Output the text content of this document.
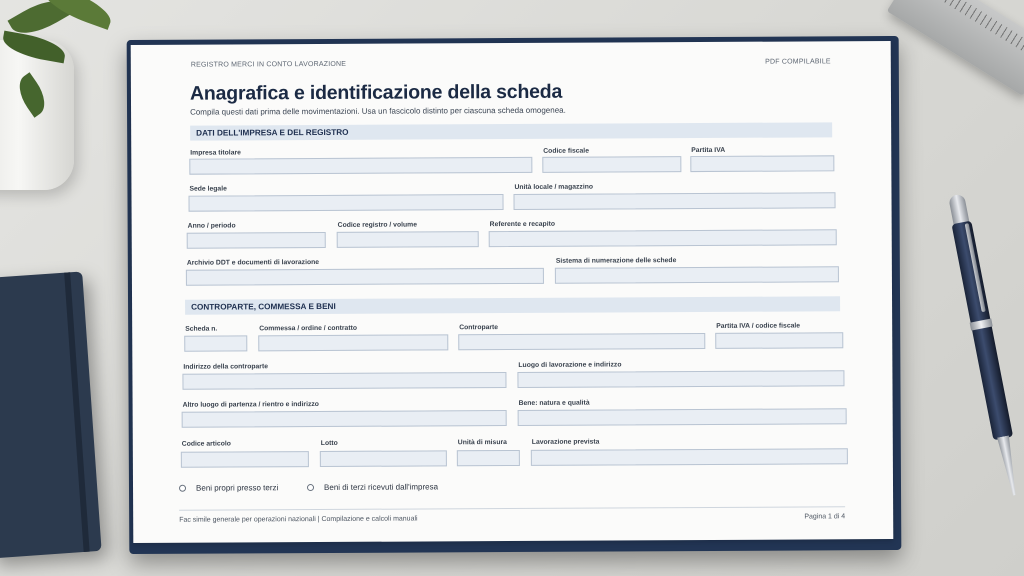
REGISTRO MERCI IN CONTO LAVORAZIONE	PDF COMPILABILE
Anagrafica e identificazione della scheda
Compila questi dati prima delle movimentazioni. Usa un fascicolo distinto per ciascuna scheda omogenea.
DATI DELL'IMPRESA E DEL REGISTRO
Impresa titolare	Codice fiscale	Partita IVA
Sede legale	Unità locale / magazzino
Anno / periodo	Codice registro / volume	Referente e recapito
Archivio DDT e documenti di lavorazione	Sistema di numerazione delle schede
CONTROPARTE, COMMESSA E BENI
Scheda n.	Commessa / ordine / contratto	Controparte	Partita IVA / codice fiscale
Indirizzo della controparte	Luogo di lavorazione e indirizzo
Altro luogo di partenza / rientro e indirizzo	Bene: natura e qualità
Codice articolo	Lotto	Unità di misura	Lavorazione prevista
Beni propri presso terzi	Beni di terzi ricevuti dall'impresa
Fac simile generale per operazioni nazionali | Compilazione e calcoli manuali	Pagina 1 di 4
